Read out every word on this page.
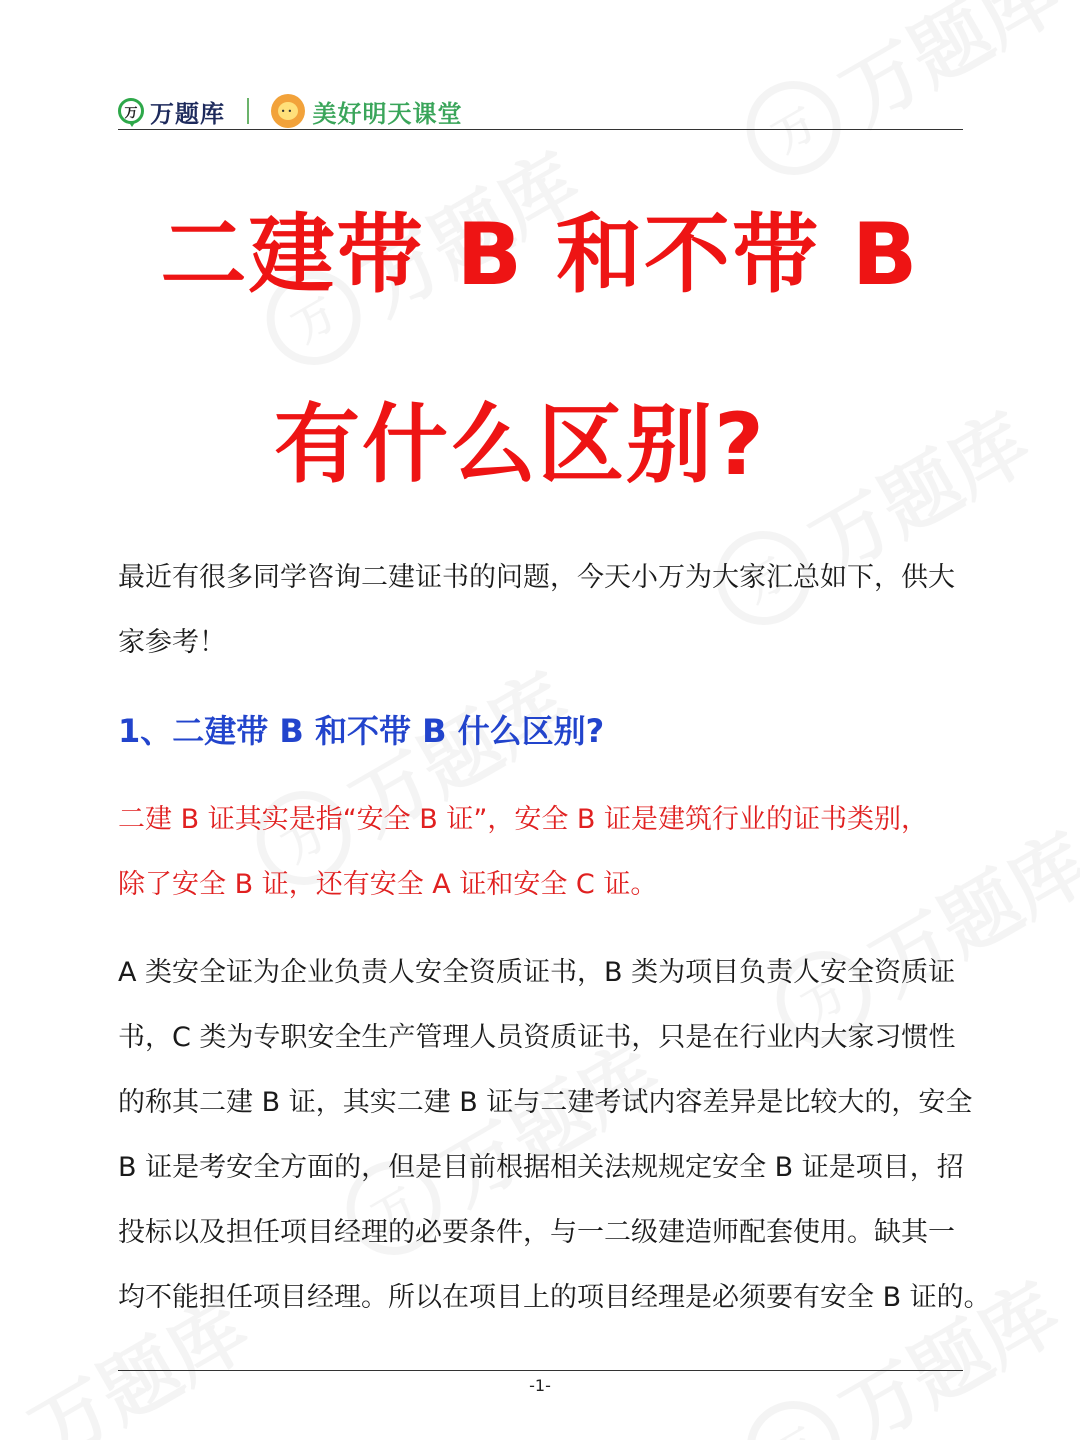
万 万题库	•• 美好明天课堂
二建带 B 和不带 B
有什么区别?

最近有很多同学咨询二建证书的问题，今天小万为大家汇总如下，供大
家参考！

1、二建带 B 和不带 B 什么区别?

二建 B 证其实是指“安全 B 证”，安全 B 证是建筑行业的证书类别，
除了安全 B 证，还有安全 A 证和安全 C 证。

A 类安全证为企业负责人安全资质证书，B 类为项目负责人安全资质证
书，C 类为专职安全生产管理人员资质证书，只是在行业内大家习惯性
的称其二建 B 证，其实二建 B 证与二建考试内容差异是比较大的，安全
B 证是考安全方面的，但是目前根据相关法规规定安全 B 证是项目，招
投标以及担任项目经理的必要条件，与一二级建造师配套使用。缺其一
均不能担任项目经理。所以在项目上的项目经理是必须要有安全 B 证的。

-1-
